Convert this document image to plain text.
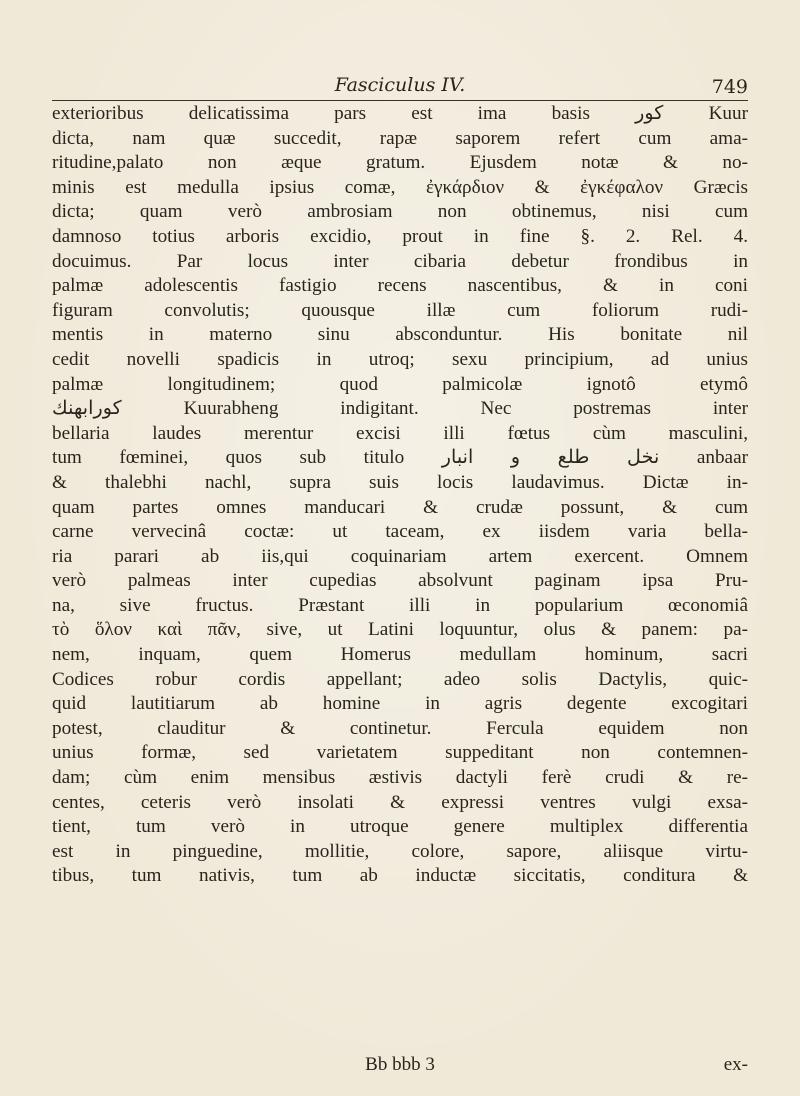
Fasciculus IV.	749
exterioribus delicatissima pars est ima basis كور Kuur
dicta, nam quæ succedit, rapæ saporem refert cum ama-
ritudine,palato non æque gratum. Ejusdem notæ & no-
minis est medulla ipsius comæ, ἐγκάρδιον & ἐγκέφαλον Græcis
dicta; quam verò ambrosiam non obtinemus, nisi cum
damnoso totius arboris excidio, prout in fine §. 2. Rel. 4.
docuimus. Par locus inter cibaria debetur frondibus in
palmæ adolescentis fastigio recens nascentibus, & in coni
figuram convolutis; quousque illæ cum foliorum rudi-
mentis in materno sinu absconduntur. His bonitate nil
cedit novelli spadicis in utroq; sexu principium, ad unius
palmæ longitudinem; quod palmicolæ ignotô etymô
كورابهنك Kuurabheng indigitant. Nec postremas inter
bellaria laudes merentur excisi illi fœtus cùm masculini,
tum fœminei, quos sub titulo نخل طلع و انبار anbaar
& thalebhi nachl, supra suis locis laudavimus. Dictæ in-
quam partes omnes manducari & crudæ possunt, & cum
carne vervecinâ coctæ: ut taceam, ex iisdem varia bella-
ria parari ab iis,qui coquinariam artem exercent. Omnem
verò palmeas inter cupedias absolvunt paginam ipsa Pru-
na, sive fructus. Præstant illi in popularium œconomiâ
τὸ ὅλον καὶ πᾶν, sive, ut Latini loquuntur, olus & panem: pa-
nem, inquam, quem Homerus medullam hominum, sacri
Codices robur cordis appellant; adeo solis Dactylis, quic-
quid lautitiarum ab homine in agris degente excogitari
potest, clauditur & continetur. Fercula equidem non
unius formæ, sed varietatem suppeditant non contemnen-
dam; cùm enim mensibus æstivis dactyli ferè crudi & re-
centes, ceteris verò insolati & expressi ventres vulgi exsa-
tient, tum verò in utroque genere multiplex differentia
est in pinguedine, mollitie, colore, sapore, aliisque virtu-
tibus, tum nativis, tum ab inductæ siccitatis, conditura &
Bb bbb 3	ex-
